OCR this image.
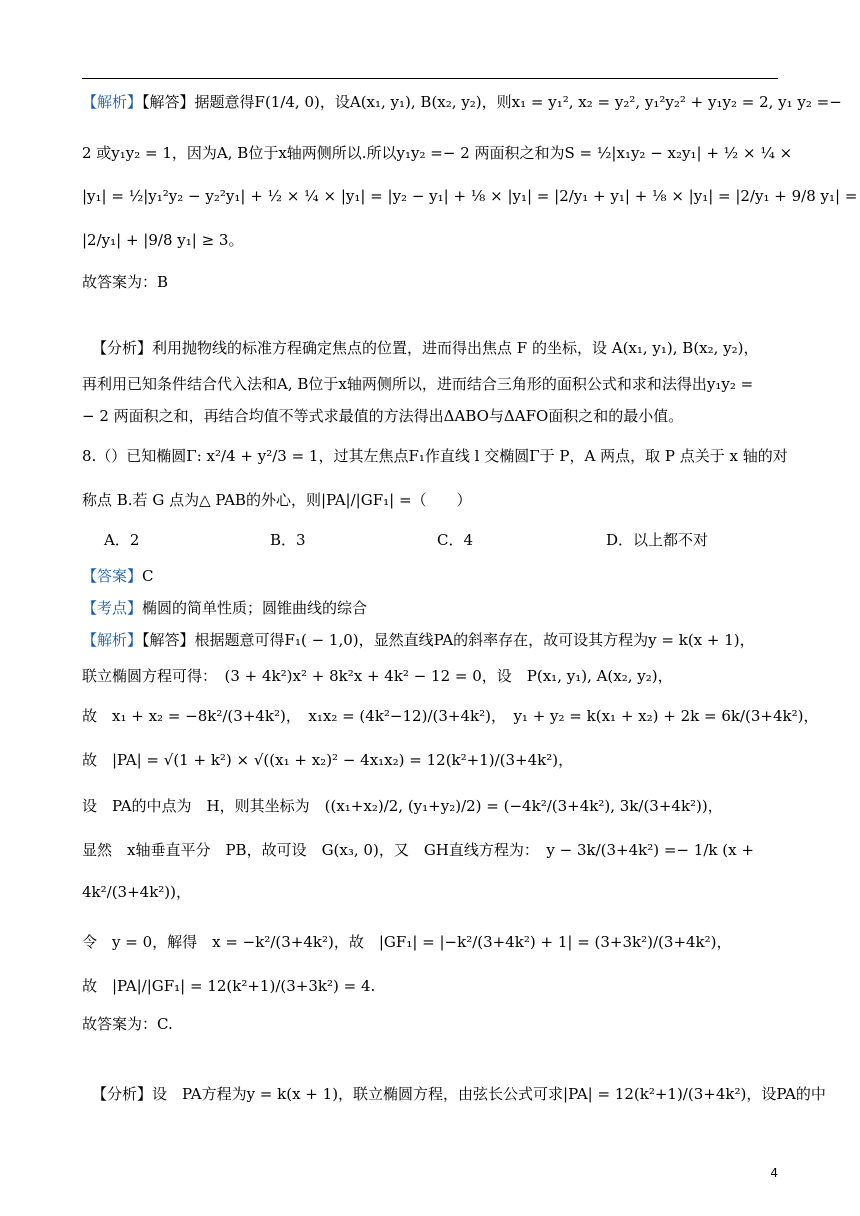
【解析】【解答】据题意得F(1/4, 0)，设A(x₁, y₁), B(x₂, y₂)，则x₁ = y₁², x₂ = y₂², y₁²y₂² + y₁y₂ = 2, y₁ y₂ =−
2 或y₁y₂ = 1，因为A, B位于x轴两侧所以.所以y₁y₂ =− 2 两面积之和为S = ½|x₁y₂ − x₂y₁| + ½ × ¼ ×
|y₁| = ½|y₁²y₂ − y₂²y₁| + ½ × ¼ × |y₁| = |y₂ − y₁| + ⅛ × |y₁| = |2/y₁ + y₁| + ⅛ × |y₁| = |2/y₁ + 9/8 y₁| =
|2/y₁| + |9/8 y₁| ≥ 3。
故答案为：B
【分析】利用抛物线的标准方程确定焦点的位置，进而得出焦点 F 的坐标，设 A(x₁, y₁), B(x₂, y₂)，
再利用已知条件结合代入法和A, B位于x轴两侧所以，进而结合三角形的面积公式和求和法得出y₁y₂ =
− 2 两面积之和，再结合均值不等式求最值的方法得出ΔABO与ΔAFO面积之和的最小值。
8.（）已知椭圆Γ: x²/4 + y²/3 = 1，过其左焦点F₁作直线 l 交椭圆Γ于 P，A 两点，取 P 点关于 x 轴的对
称点 B.若 G 点为△ PAB的外心，则|PA|/|GF₁| =（　　）
A．2	B．3	C．4	D．以上都不对
【答案】C
【考点】椭圆的简单性质；圆锥曲线的综合
【解析】【解答】根据题意可得F₁( − 1,0)，显然直线PA的斜率存在，故可设其方程为y = k(x + 1)，
联立椭圆方程可得：　(3 + 4k²)x² + 8k²x + 4k² − 12 = 0，设　P(x₁, y₁), A(x₂, y₂)，
故　x₁ + x₂ = −8k²/(3+4k²)，　x₁x₂ = (4k²−12)/(3+4k²)，　y₁ + y₂ = k(x₁ + x₂) + 2k = 6k/(3+4k²)，
故　|PA| = √(1 + k²) × √((x₁ + x₂)² − 4x₁x₂) = 12(k²+1)/(3+4k²)，
设　PA的中点为　H，则其坐标为　((x₁+x₂)/2, (y₁+y₂)/2) = (−4k²/(3+4k²), 3k/(3+4k²))，
显然　x轴垂直平分　PB，故可设　G(x₃, 0)，又　GH直线方程为：　y − 3k/(3+4k²) =− 1/k (x +
4k²/(3+4k²))，
令　y = 0，解得　x = −k²/(3+4k²)，故　|GF₁| = |−k²/(3+4k²) + 1| = (3+3k²)/(3+4k²)，
故　|PA|/|GF₁| = 12(k²+1)/(3+3k²) = 4.
故答案为：C.
【分析】设　PA方程为y = k(x + 1)，联立椭圆方程，由弦长公式可求|PA| = 12(k²+1)/(3+4k²)，设PA的中
4
